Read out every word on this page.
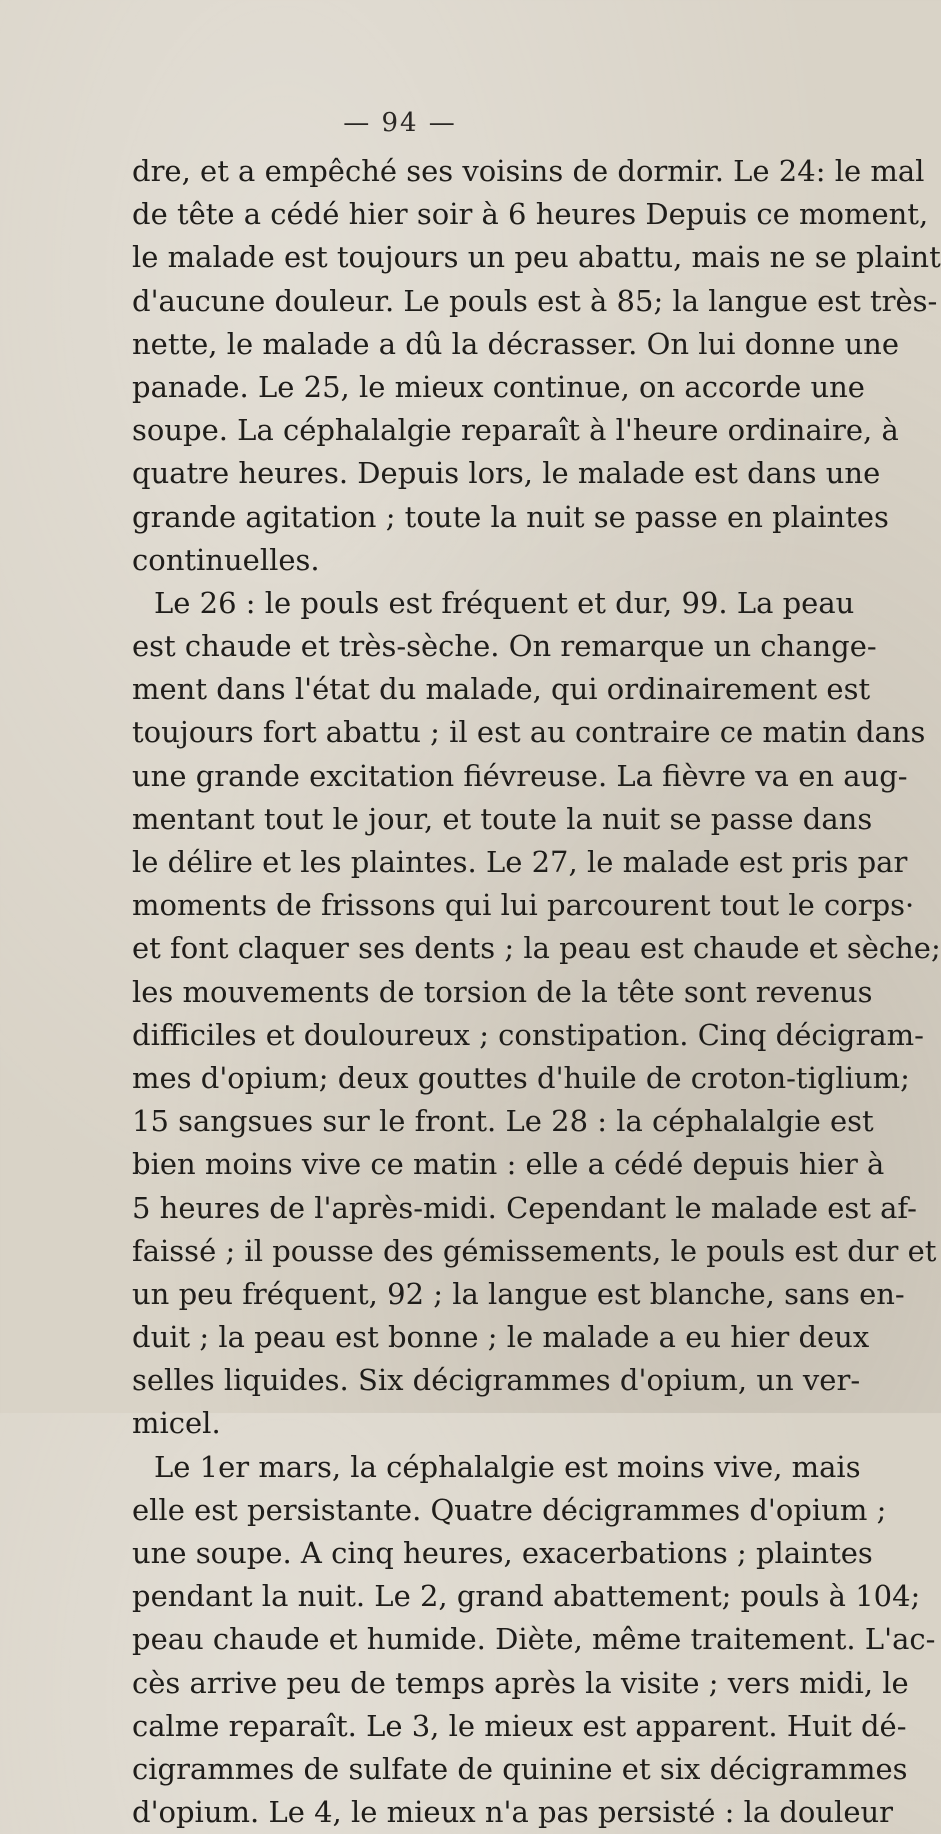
— 94 —
dre, et a empêché ses voisins de dormir. Le 24: le mal
de tête a cédé hier soir à 6 heures Depuis ce moment,
le malade est toujours un peu abattu, mais ne se plaint
d'aucune douleur. Le pouls est à 85; la langue est très-
nette, le malade a dû la décrasser. On lui donne une
panade. Le 25, le mieux continue, on accorde une
soupe. La céphalalgie reparaît à l'heure ordinaire, à
quatre heures. Depuis lors, le malade est dans une
grande agitation ; toute la nuit se passe en plaintes
continuelles.
Le 26 : le pouls est fréquent et dur, 99. La peau
est chaude et très-sèche. On remarque un change-
ment dans l'état du malade, qui ordinairement est
toujours fort abattu ; il est au contraire ce matin dans
une grande excitation fiévreuse. La fièvre va en aug-
mentant tout le jour, et toute la nuit se passe dans
le délire et les plaintes. Le 27, le malade est pris par
moments de frissons qui lui parcourent tout le corps·
et font claquer ses dents ; la peau est chaude et sèche;
les mouvements de torsion de la tête sont revenus
difficiles et douloureux ; constipation. Cinq décigram-
mes d'opium; deux gouttes d'huile de croton-tiglium;
15 sangsues sur le front. Le 28 : la céphalalgie est
bien moins vive ce matin : elle a cédé depuis hier à
5 heures de l'après-midi. Cependant le malade est af-
faissé ; il pousse des gémissements, le pouls est dur et
un peu fréquent, 92 ; la langue est blanche, sans en-
duit ; la peau est bonne ; le malade a eu hier deux
selles liquides. Six décigrammes d'opium, un ver-
micel.
Le 1er mars, la céphalalgie est moins vive, mais
elle est persistante. Quatre décigrammes d'opium ;
une soupe. A cinq heures, exacerbations ; plaintes
pendant la nuit. Le 2, grand abattement; pouls à 104;
peau chaude et humide. Diète, même traitement. L'ac-
cès arrive peu de temps après la visite ; vers midi, le
calme reparaît. Le 3, le mieux est apparent. Huit dé-
cigrammes de sulfate de quinine et six décigrammes
d'opium. Le 4, le mieux n'a pas persisté : la douleur
